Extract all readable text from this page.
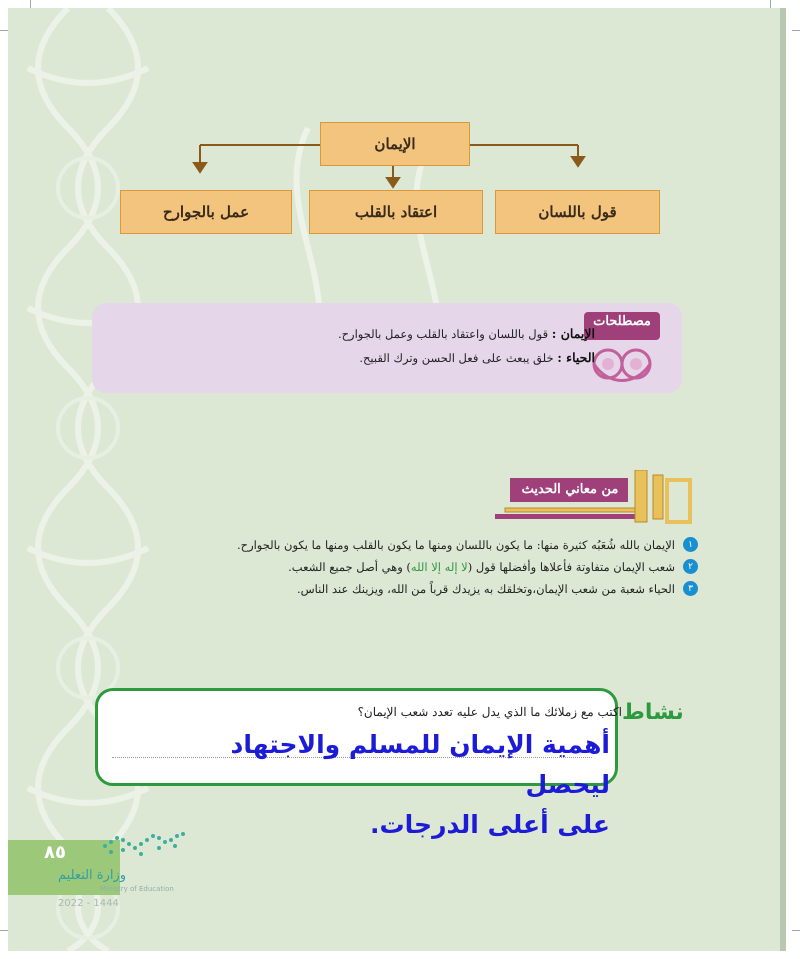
الإيمان
قول باللسان
اعتقاد بالقلب
عمل بالجوارح
مصطلحات
الإيمان : قول باللسان واعتقاد بالقلب وعمل بالجوارح.
الحياء : خلق يبعث على فعل الحسن وترك القبيح.
من معاني الحديث
١
الإيمان بالله شُعَبُه كثيرة منها: ما يكون باللسان ومنها ما يكون بالقلب ومنها ما يكون بالجوارح.
٢
شعب الإيمان متفاوتة فأعلاها وأفضلها قول (لا إله إلا الله) وهي أصل جميع الشعب.
٣
الحياء شعبة من شعب الإيمان،وتخلقك به يزيدك قرباً من الله، ويزينك عند الناس.
نشاط
اكتب مع زملائك ما الذي يدل عليه تعدد شعب الإيمان؟
أهمية الإيمان للمسلم والاجتهاد ليحصل
على أعلى الدرجات.
٨٥
وزارة التعليم
Ministry of Education
2022 - 1444
